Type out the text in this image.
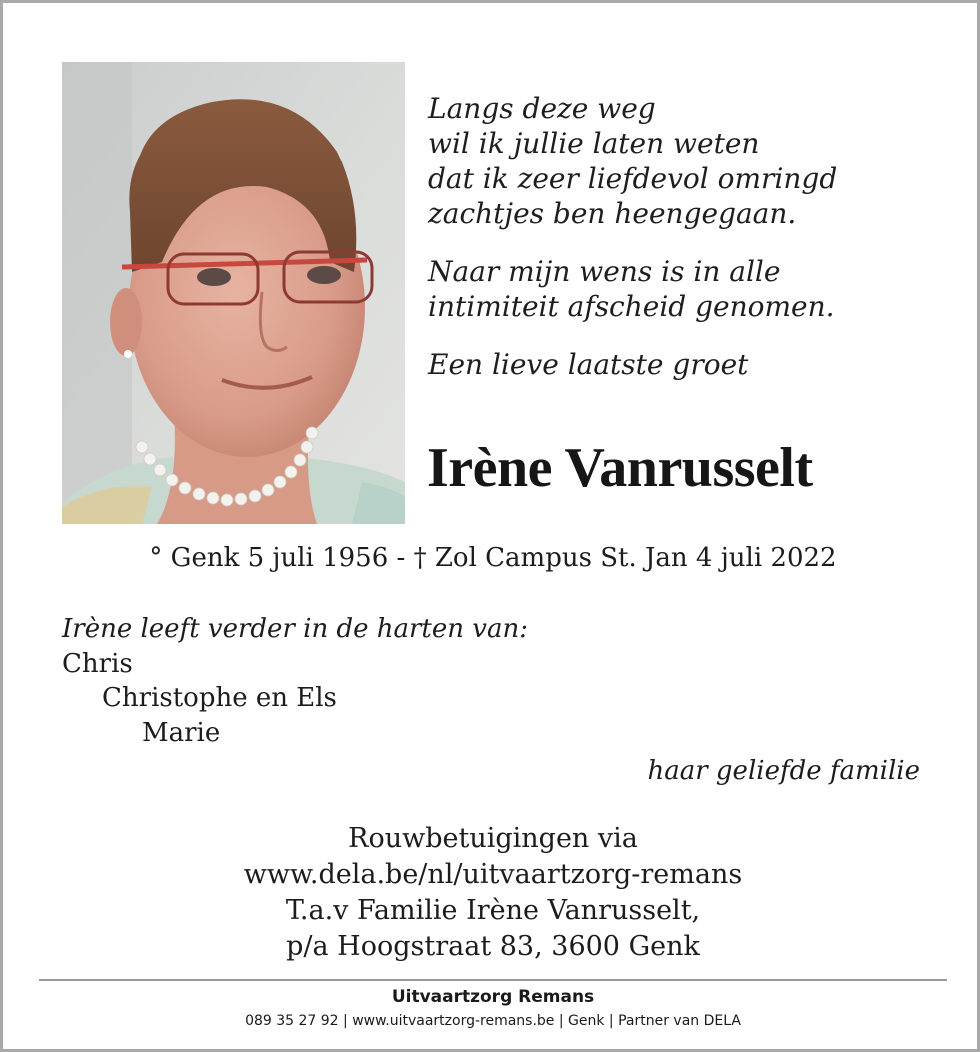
Langs deze weg
wil ik jullie laten weten
dat ik zeer liefdevol omringd
zachtjes ben heengegaan.
Naar mijn wens is in alle
intimiteit afscheid genomen.
Een lieve laatste groet
Irène Vanrusselt
° Genk 5 juli 1956 - † Zol Campus St. Jan 4 juli 2022
Irène leeft verder in de harten van:
Chris
Christophe en Els
Marie
haar geliefde familie
Rouwbetuigingen via
www.dela.be/nl/uitvaartzorg-remans
T.a.v Familie Irène Vanrusselt,
p/a Hoogstraat 83, 3600 Genk
Uitvaartzorg Remans
089 35 27 92 | www.uitvaartzorg-remans.be | Genk | Partner van DELA
